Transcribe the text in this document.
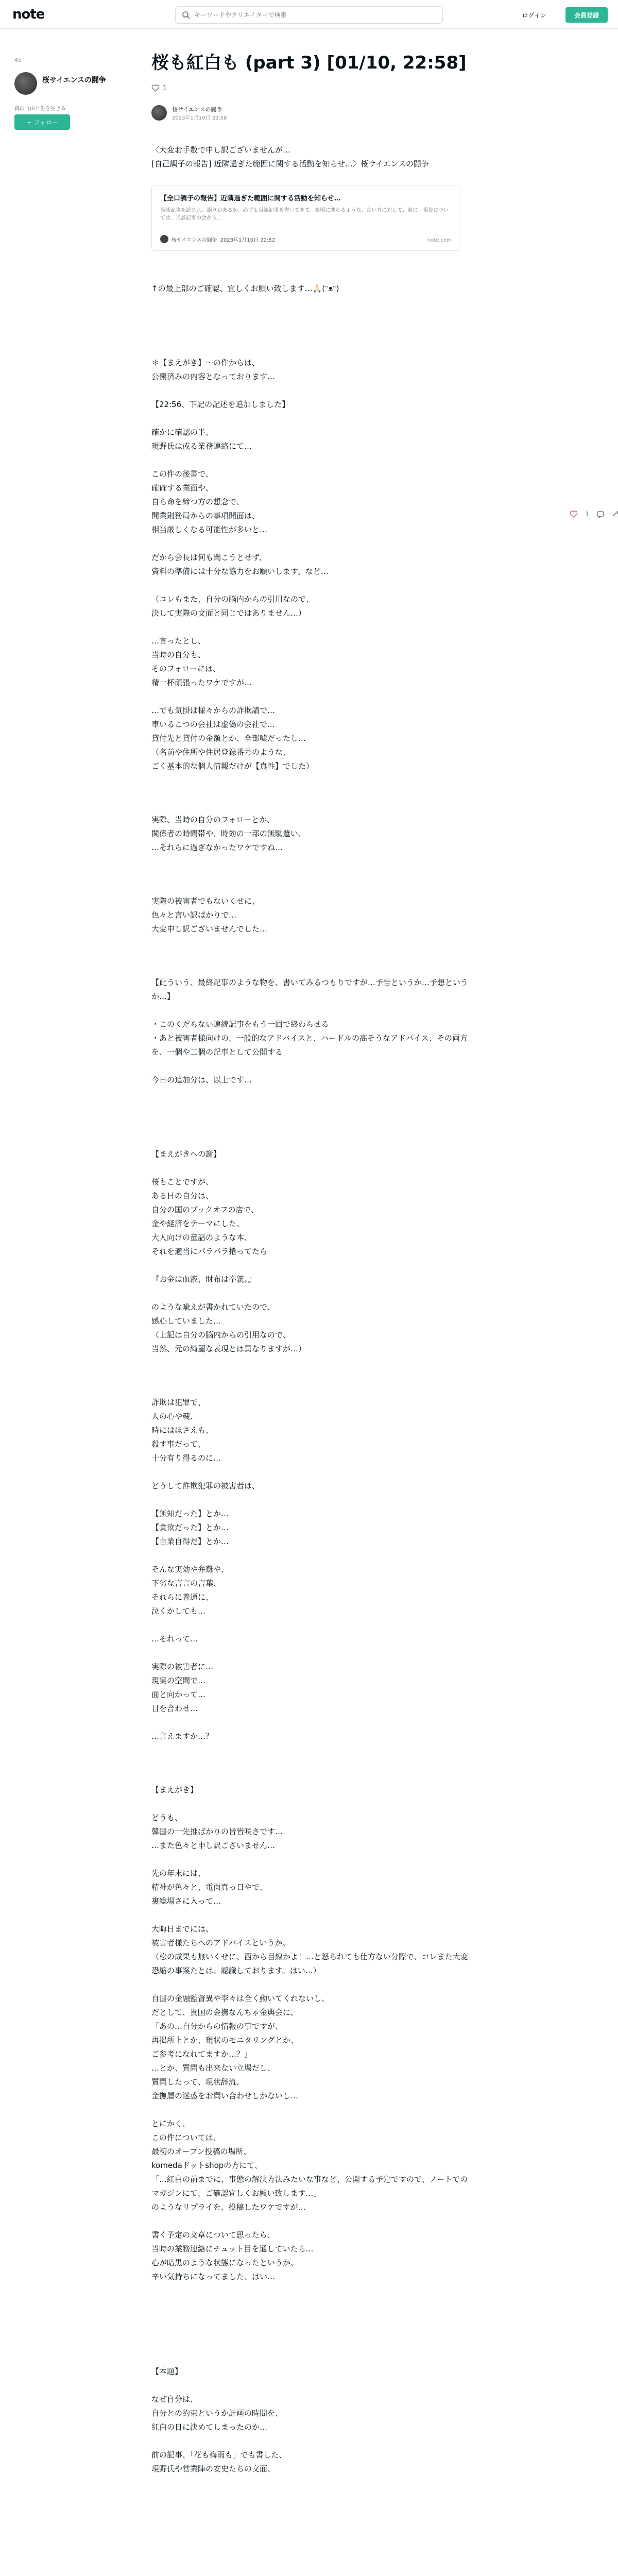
note
キーワードやクリエイターで検索	ログイン	会員登録
45
桜サイエンスの闘争
真の自由と生を生きる
+ フォロー
桜も紅白も (part 3) [01/10, 22:58]
1
桜サイエンスの闘争
2023年1月10日 22:58

〈大変お手数で申し訳ございませんが…
[自己調子の報告] 近隣過ぎた範囲に関する活動を知らせ…〉桜サイエンスの闘争

【全口調子の報告】近隣過ぎた範囲に関する活動を知らせ…
当該記事を読まれ、誤りがあるか、必ずも当該記事を書いてきて、参照に関わるような、言い方に対して、前に、報告については、当該記事の会から…
桜サイエンスの闘争 2023年1月10日 22:52	note.com

↑の最上部のご確認、宜しくお願い致します…🙏🏻(ᵔᴥᵔ)

＊【まえがき】〜の件からは、
公開済みの内容となっております…

【22:56、下記の記述を追加しました】

確かに確認の半、
現野氏は或る業務連絡にて…

この件の後書で、
確確する業面や、
自ら命を締つ方の想念で、
間業則務局からの事項開面は、
相当厳しくなる可能性が多いと…

だから会長は何も聞こうとせず、
資料の準備には十分な協力をお願いします、など…

（コレもまた、自分の脳内からの引用なので、
決して実際の文面と同じではありません…）

…言ったとし、
当時の自分も、
そのフォローには、
精一杯頑張ったワケですが…

…でも気掛は様々からの詐欺請で…
車いるこつの会社は虚偽の会社で…
貸付先と貸付の金額とか、全部嘘だったし…
（名前や住所や住居登録番号のような、
ごく基本的な個人情報だけが【真性】でした）

実際、当時の自分のフォローとか、
関係者の時間帯や、時効の一部の無駄遣い、
…それらに過ぎなかったワケですね…

実際の被害者でもないくせに、
色々と言い訳ばかりで…
大変申し訳ございませんでした…

【此ういう、最終記事のような物を、書いてみるつもりですが…予告というか…予想というか…】

・このくだらない連続記事をもう一回で終わらせる
・あと被害者様向けの、一般的なアドバイスと、ハードルの高そうなアドバイス、その両方を、一個や二個の記事として公開する

今日の追加分は、以上です…

【まえがきへの謝】

桜もことですが、
ある日の自分は、
自分の国のブックオフの店で、
金や経済をテーマにした、
大人向けの童話のような本、
それを適当にパラパラ捲ってたら

『お金は血液、財布は拳銃。』

のような喩えが書かれていたので、
感心していました…
（上記は自分の脳内からの引用なので、
当然、元の綺麗な表現とは異なりますが…）

詐欺は犯罪で、
人の心や魂、
時にはほさえも、
殺す事だって、
十分有り得るのに…

どうして詐欺犯罪の被害者は、

【無知だった】とか…
【貪欲だった】とか…
【自業自得だ】とか…

そんな実効や弁難や、
下劣な言言の言葉、
それらに普通に、
泣くかしても…

…それって…

実際の被害者に…
現実の空間で…
面と向かって…
目を合わせ…

…言えますか…？

【まえがき】

どうも、
韓国の一先推ばかりの皆皆咲さです…
…また色々と申し訳ございません…

先の年末には、
精神が色々と、電面真っ日やで、
裏総場さに入って…

大晦日までには、
被害者様たちへのアドバイスというか、
（松の成果も無いくせに、西から目線かよ！…と怒られても仕方ない分際で、コレまた大変恐縮の事案たとは、認識しております。はい…）

自国の金融監督異や李々は全く動いてくれないし、
だとして、貴国の金撫なんちゃ金典会に、
「あの…自分からの情報の事ですが、
再掲所上とか、現状のモニタリングとか、
ご参考になれてますか…？」
…とか、質問も出来ない立場だし、
質問したって、現状辞流、
金撫層の迷惑をお問い合わせしかないし…

とにかく、
この件については、
最初のオープン投稿の場所、
komedaドットshopの方にて、
「…紅白の前までに、事態の解決方法みたいな事など、公開する予定ですので、ノートでのマガジンにて、ご確認宜しくお願い致します…」
のようなリプライを、投稿したワケですが…

書く予定の文章について思ったら、
当時の業務連絡にチュット目を通していたら…
心が暗黒のような状態になったというか、
辛い気持ちになってました、はい…

【本題】

なぜ自分は、
自分との約束というか計画の時間を、
紅白の日に決めてしまったのか…

前の記事、「花も梅雨も」でも書した、
現野氏や営業陣の安史たちの文面、

1
